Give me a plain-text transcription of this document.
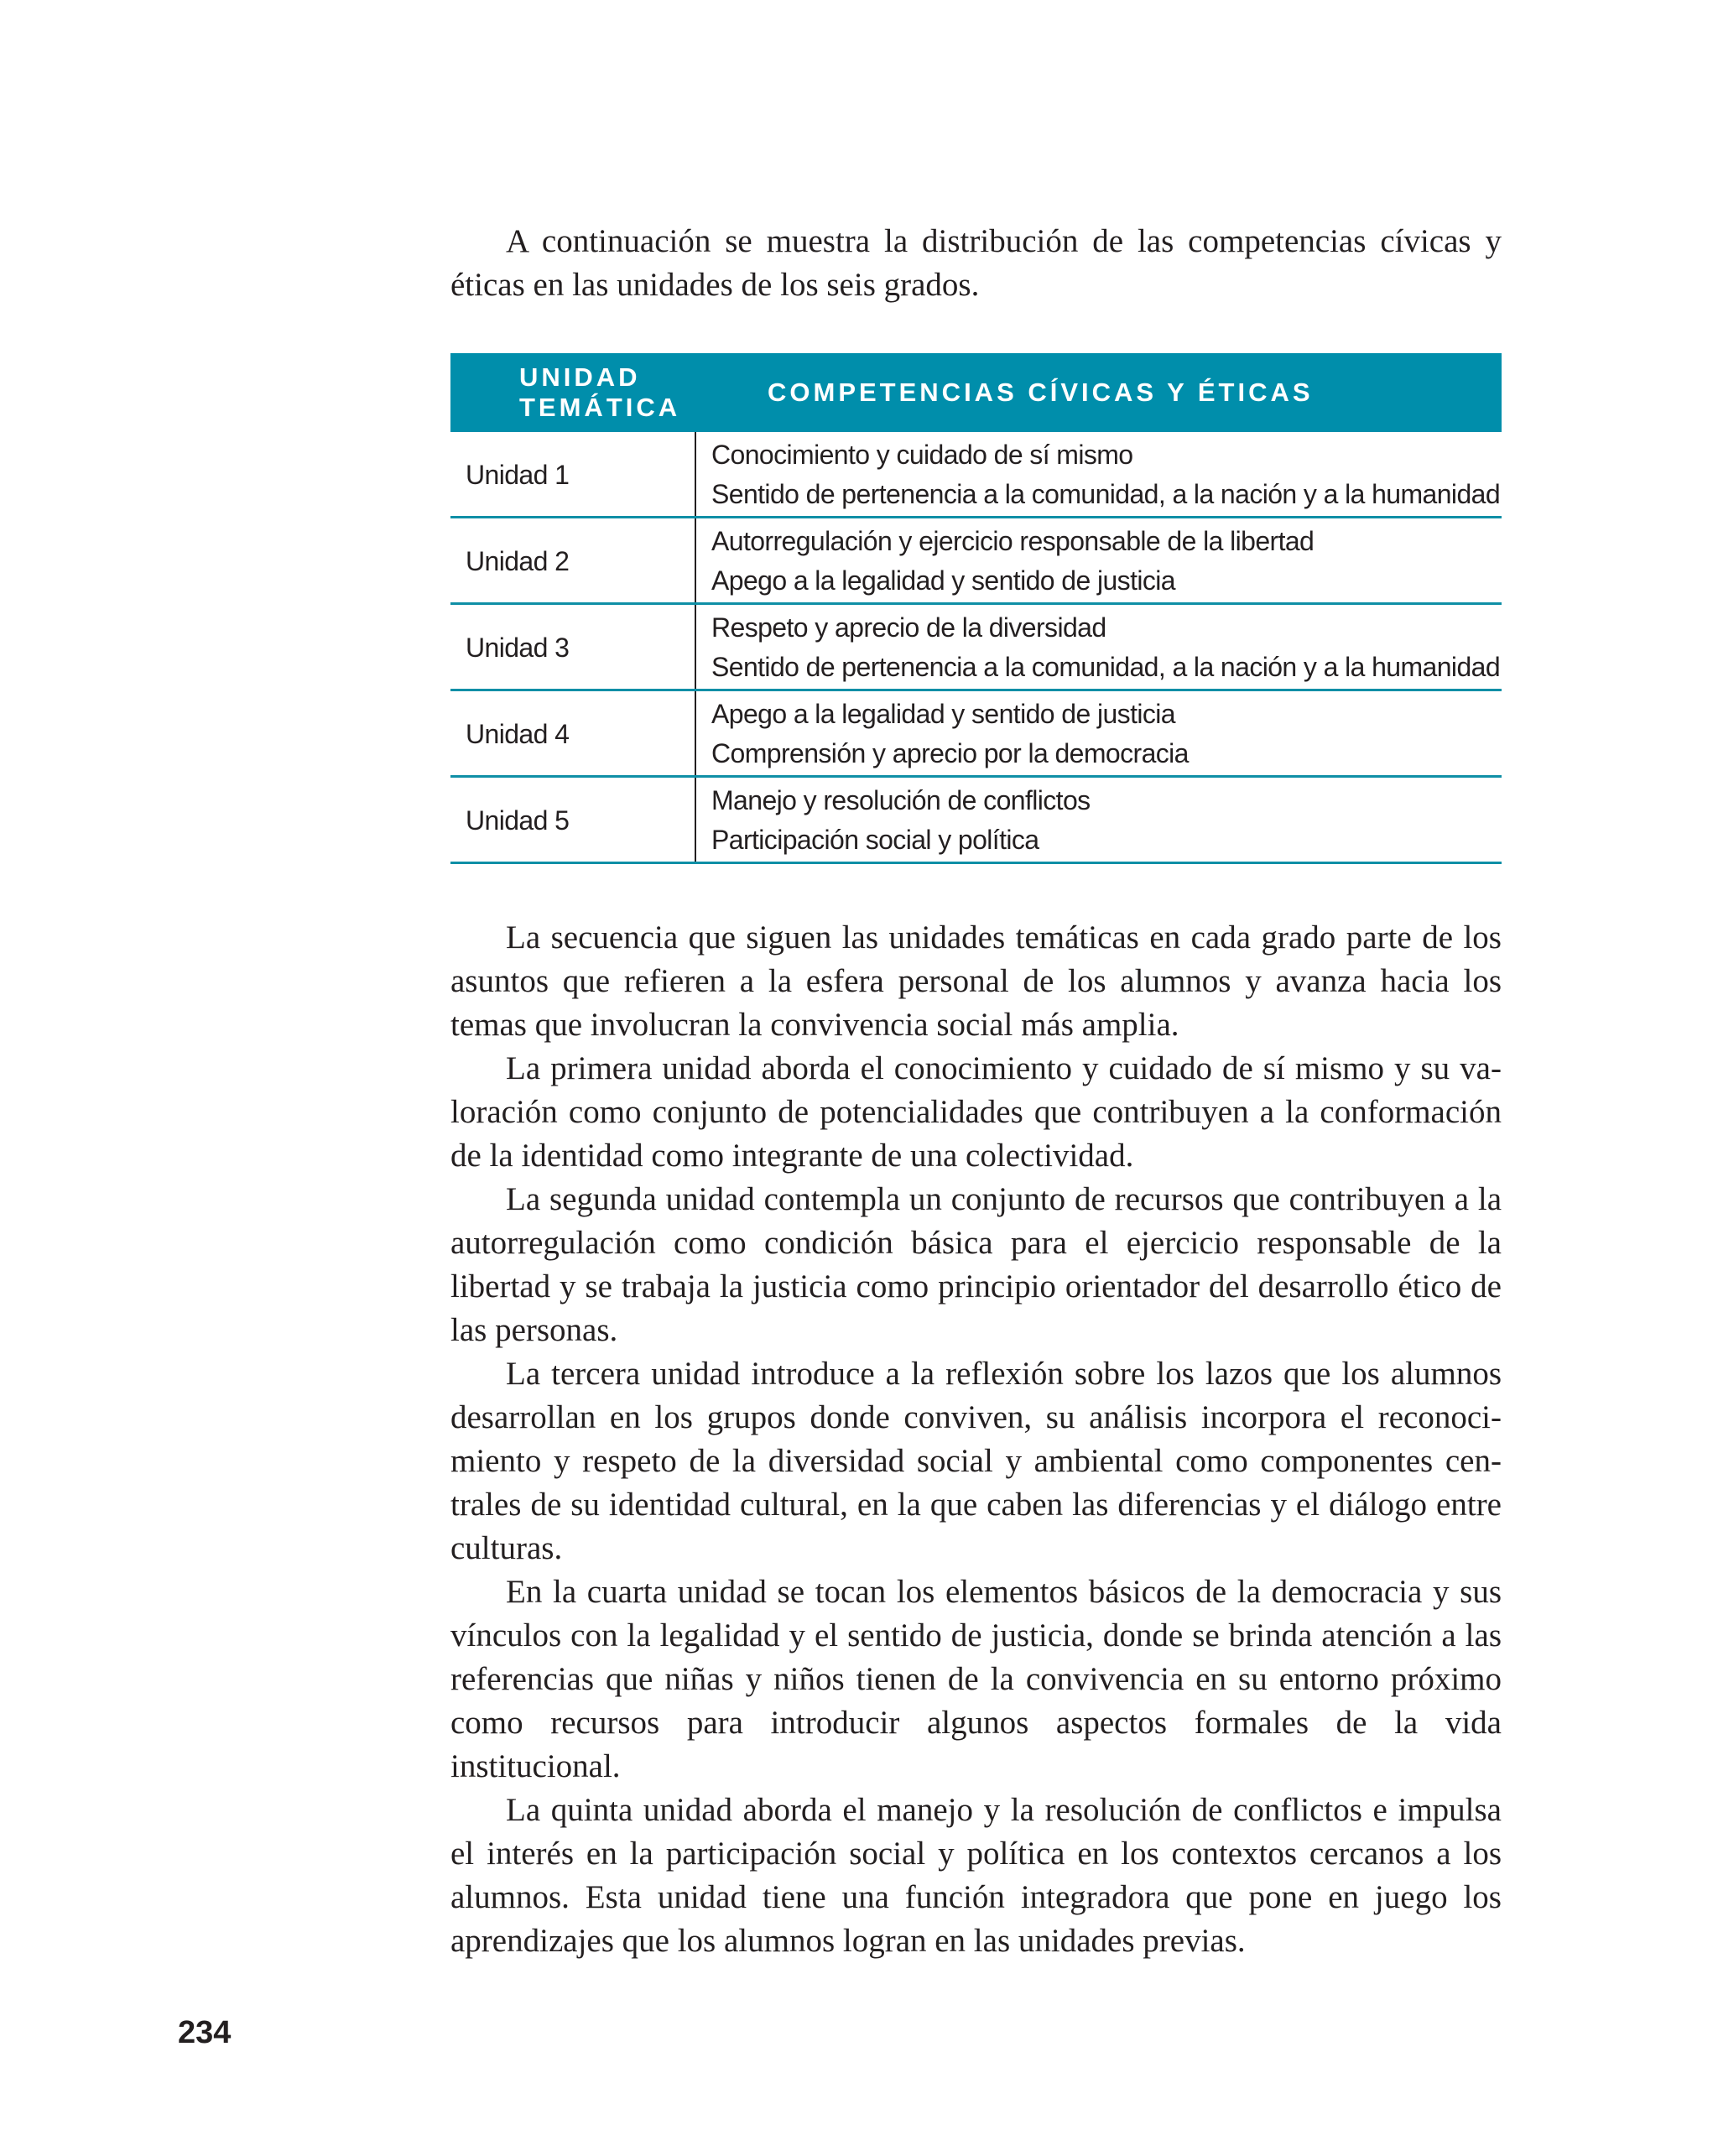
A continuación se muestra la distribución de las competencias cívicas y éticas en las unidades de los seis grados.

UNIDAD
TEMÁTICA	COMPETENCIAS CÍVICAS Y ÉTICAS
Unidad 1	Conocimiento y cuidado de sí mismo
Sentido de pertenencia a la comunidad, a la nación y a la humanidad

Unidad 2	Autorregulación y ejercicio responsable de la libertad
Apego a la legalidad y sentido de justicia

Unidad 3	Respeto y aprecio de la diversidad
Sentido de pertenencia a la comunidad, a la nación y a la humanidad

Unidad 4	Apego a la legalidad y sentido de justicia
Comprensión y aprecio por la democracia

Unidad 5	Manejo y resolución de conflictos
Participación social y política

La secuencia que siguen las unidades temáticas en cada grado parte de los asuntos que refieren a la esfera personal de los alumnos y avanza hacia los temas que involucran la convivencia social más amplia.

La primera unidad aborda el conocimiento y cuidado de sí mismo y su valoración como conjunto de potencialidades que contribuyen a la conformación de la identidad como integrante de una colectividad.

La segunda unidad contempla un conjunto de recursos que contribuyen a la autorregulación como condición básica para el ejercicio responsable de la libertad y se trabaja la justicia como principio orientador del desarrollo ético de las personas.

La tercera unidad introduce a la reflexión sobre los lazos que los alumnos desarrollan en los grupos donde conviven, su análisis incorpora el reconocimiento y respeto de la diversidad social y ambiental como componentes centrales de su identidad cultural, en la que caben las diferencias y el diálogo entre culturas.

En la cuarta unidad se tocan los elementos básicos de la democracia y sus vínculos con la legalidad y el sentido de justicia, donde se brinda atención a las referencias que niñas y niños tienen de la convivencia en su entorno próximo como recursos para introducir algunos aspectos formales de la vida institucional.

La quinta unidad aborda el manejo y la resolución de conflictos e impulsa el interés en la participación social y política en los contextos cercanos a los alumnos. Esta unidad tiene una función integradora que pone en juego los aprendizajes que los alumnos logran en las unidades previas.

234
